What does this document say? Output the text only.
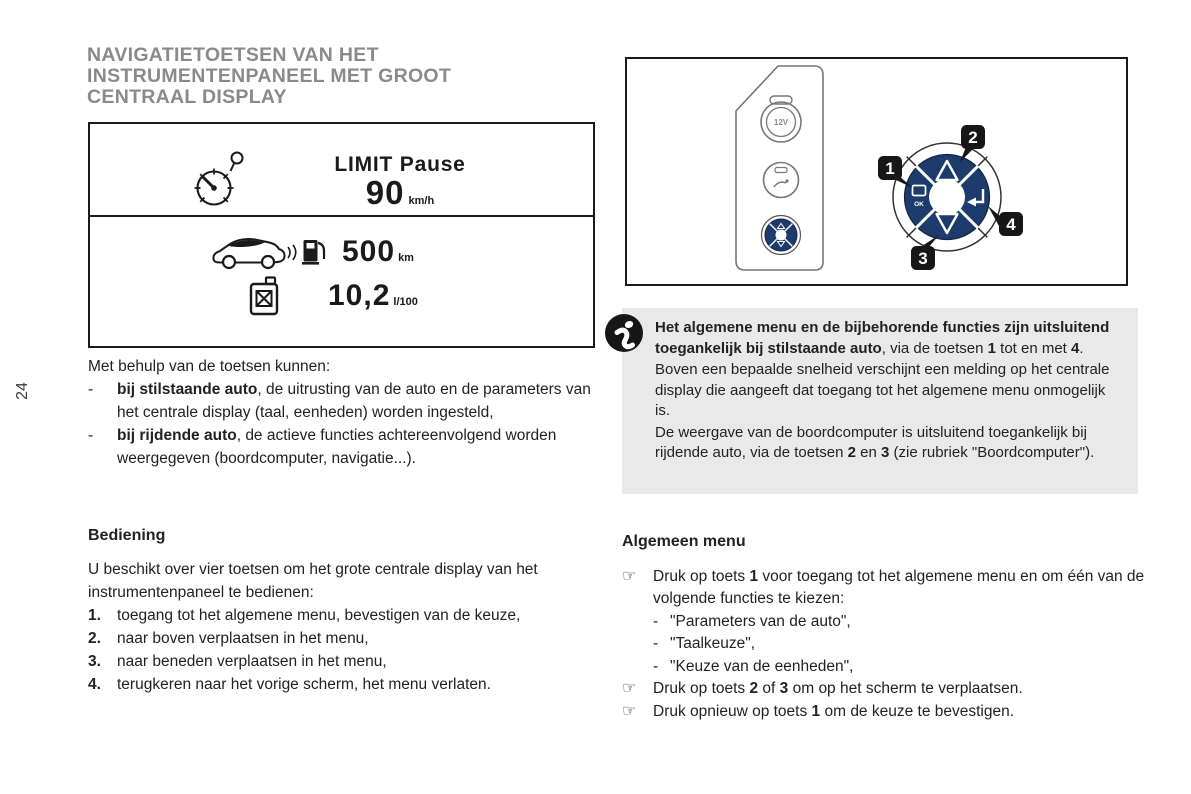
24
NAVIGATIETOETSEN VAN HET
INSTRUMENTENPANEEL MET GROOT
CENTRAAL DISPLAY
LIMIT Pause
90 km/h
500 km
10,2 l/100
Met behulp van de toetsen kunnen:
-	bij stilstaande auto, de uitrusting van de auto en de parameters van het centrale display (taal, eenheden) worden ingesteld,
-	bij rijdende auto, de actieve functies achtereenvolgend worden weergegeven (boordcomputer, navigatie...).

Bediening

U beschikt over vier toetsen om het grote centrale display van het instrumentenpaneel te bedienen:
1.	toegang tot het algemene menu, bevestigen van de keuze,
2.	naar boven verplaatsen in het menu,
3.	naar beneden verplaatsen in het menu,
4.	terugkeren naar het vorige scherm, het menu verlaten.
12V
OK
1
2
3
4

Het algemene menu en de bijbehorende functies zijn uitsluitend toegankelijk bij stilstaande auto, via de toetsen 1 tot en met 4.

Boven een bepaalde snelheid verschijnt een melding op het centrale display die aangeeft dat toegang tot het algemene menu onmogelijk is.

De weergave van de boordcomputer is uitsluitend toegankelijk bij rijdende auto, via de toetsen 2 en 3 (zie rubriek "Boordcomputer").

Algemeen menu

☞	Druk op toets 1 voor toegang tot het algemene menu en om één van de volgende functies te kiezen:
- "Parameters van de auto",
- "Taalkeuze",
- "Keuze van de eenheden",
☞	Druk op toets 2 of 3 om op het scherm te verplaatsen.
☞	Druk opnieuw op toets 1 om de keuze te bevestigen.
